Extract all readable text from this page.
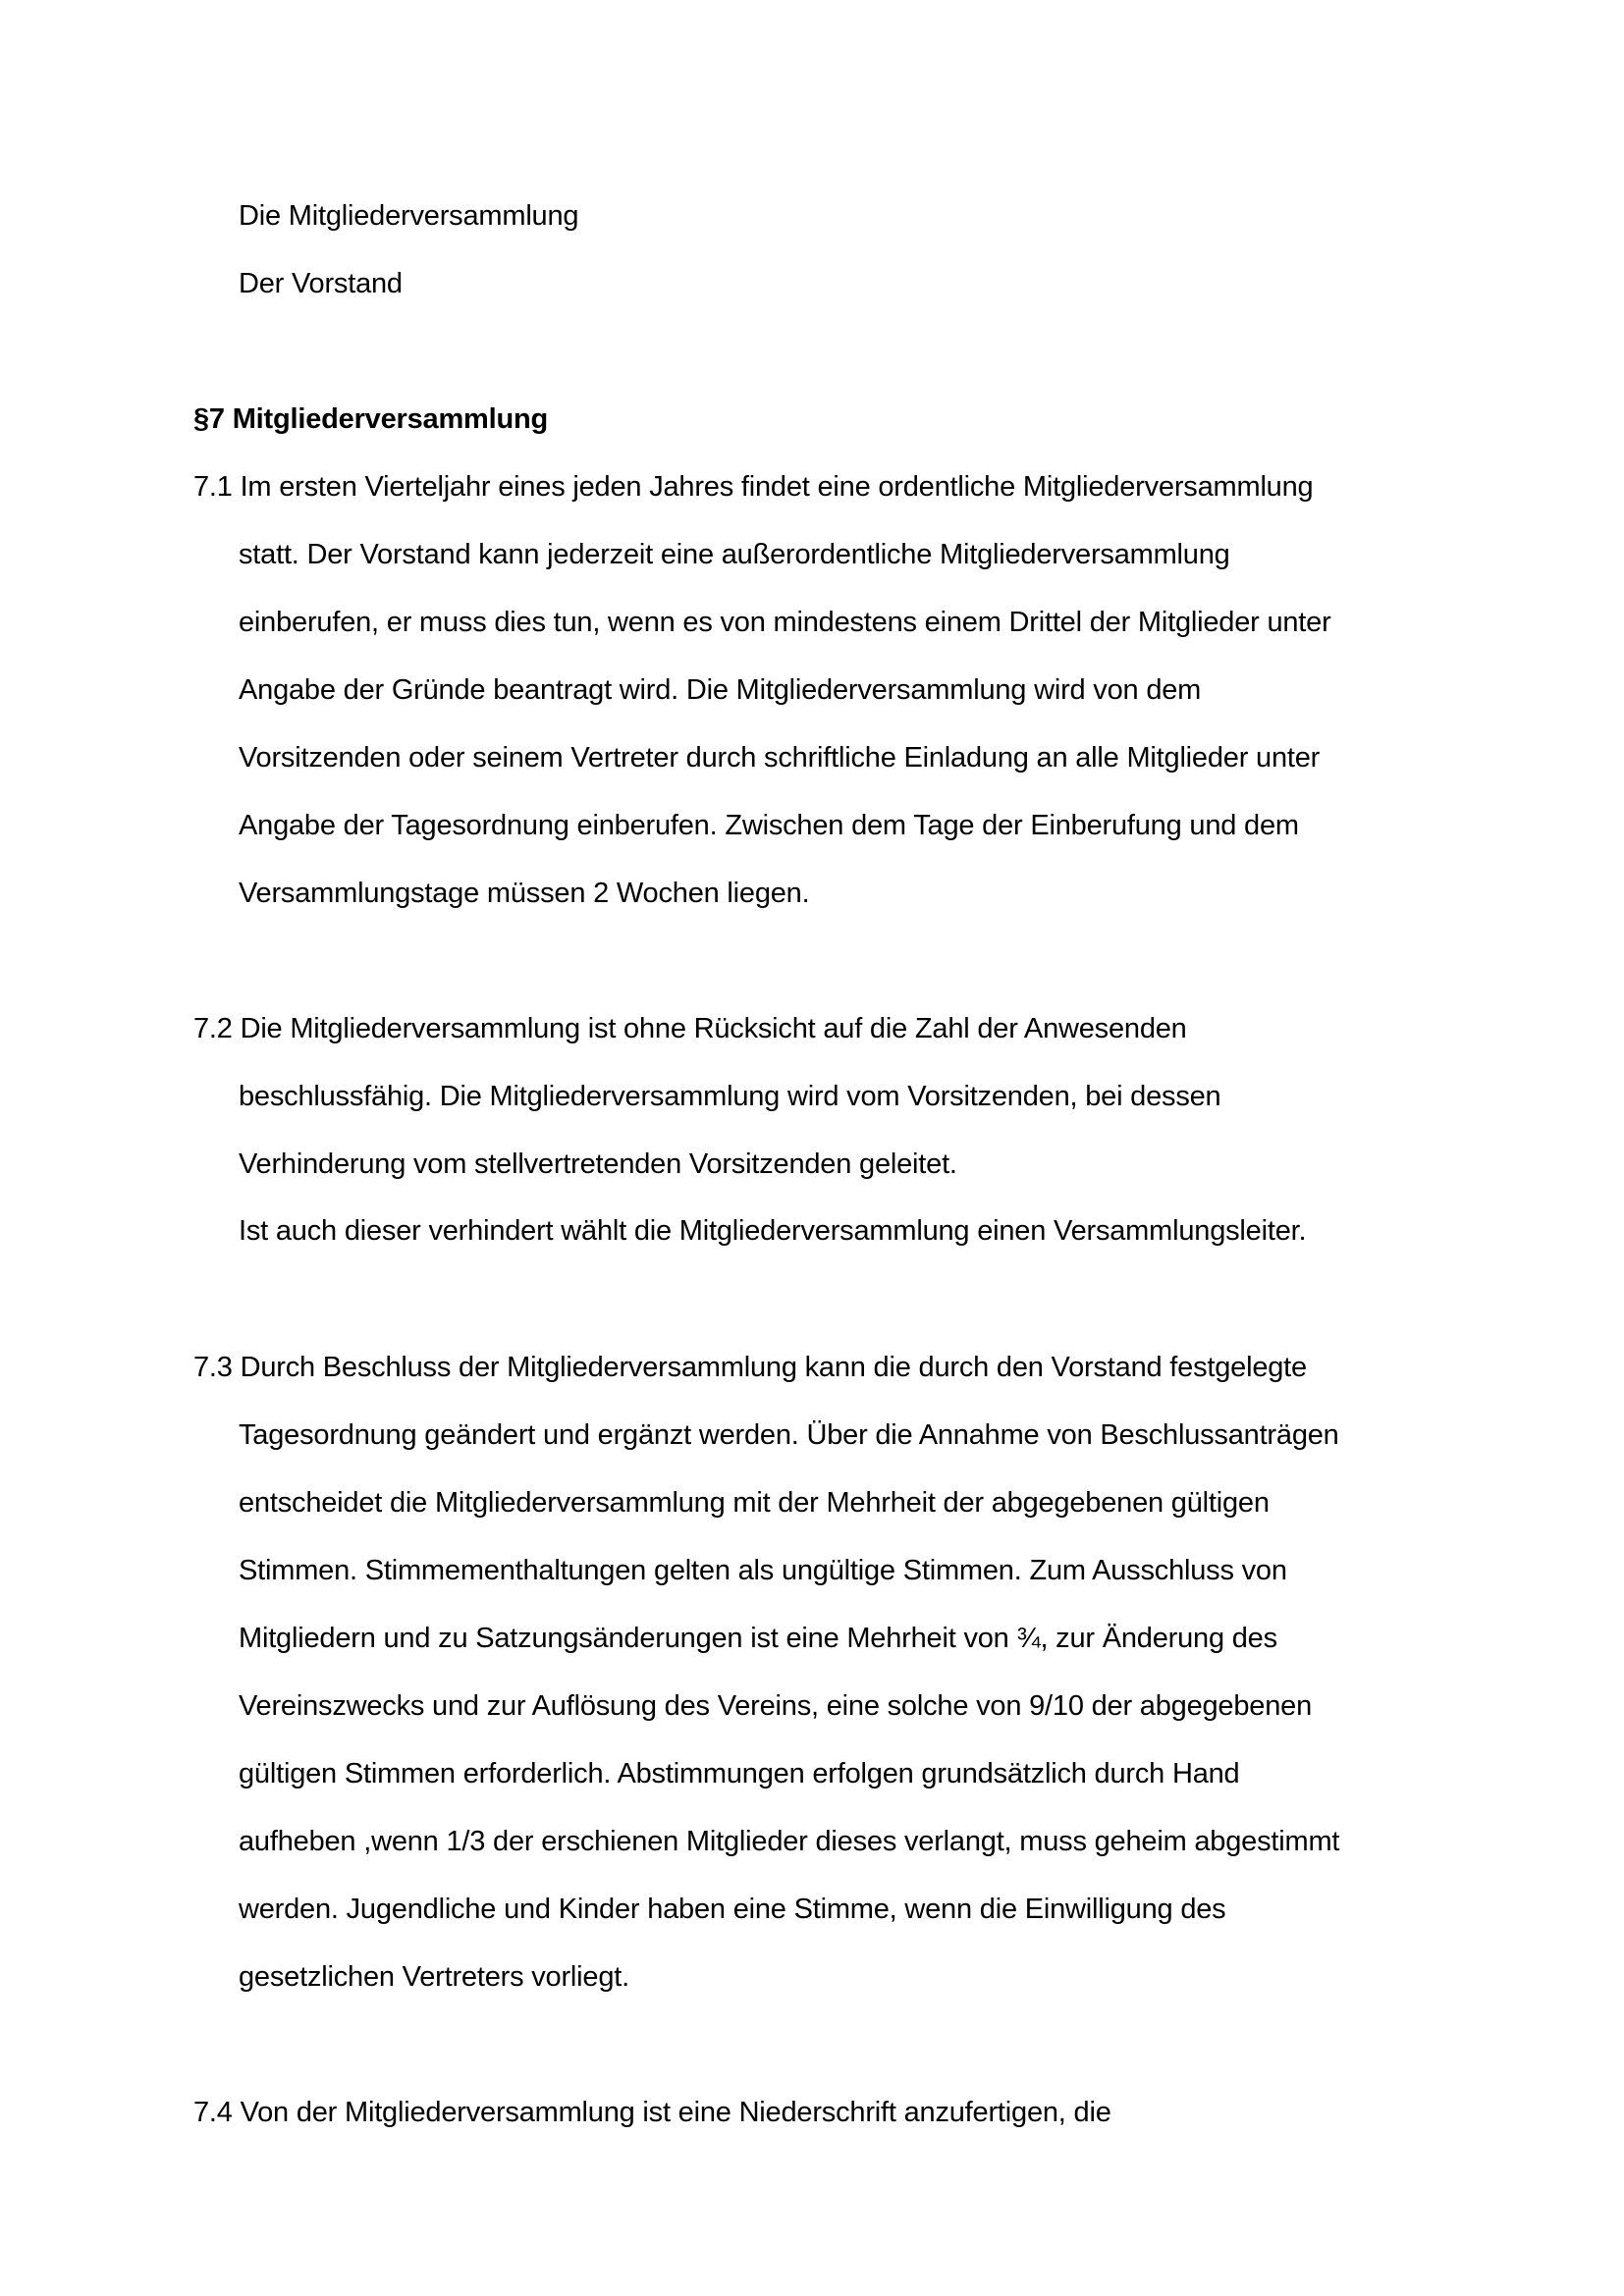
Die Mitgliederversammlung
Der Vorstand
§7 Mitgliederversammlung
7.1 Im ersten Vierteljahr eines jeden Jahres findet eine ordentliche Mitgliederversammlung
statt. Der Vorstand kann jederzeit eine außerordentliche Mitgliederversammlung
einberufen, er muss dies tun, wenn es von mindestens einem Drittel der Mitglieder unter
Angabe der Gründe beantragt wird. Die Mitgliederversammlung wird von dem
Vorsitzenden oder seinem Vertreter durch schriftliche Einladung an alle Mitglieder unter
Angabe der Tagesordnung einberufen. Zwischen dem Tage der Einberufung und dem
Versammlungstage müssen 2 Wochen liegen.
7.2 Die Mitgliederversammlung ist ohne Rücksicht auf die Zahl der Anwesenden
beschlussfähig. Die Mitgliederversammlung wird vom Vorsitzenden, bei dessen
Verhinderung vom stellvertretenden Vorsitzenden geleitet.
Ist auch dieser verhindert wählt die Mitgliederversammlung einen Versammlungsleiter.
7.3 Durch Beschluss der Mitgliederversammlung kann die durch den Vorstand festgelegte
Tagesordnung geändert und ergänzt werden. Über die Annahme von Beschlussanträgen
entscheidet die Mitgliederversammlung mit der Mehrheit der abgegebenen gültigen
Stimmen. Stimmementhaltungen gelten als ungültige Stimmen. Zum Ausschluss von
Mitgliedern und zu Satzungsänderungen ist eine Mehrheit von ¾, zur Änderung des
Vereinszwecks und zur Auflösung des Vereins, eine solche von 9/10 der abgegebenen
gültigen Stimmen erforderlich. Abstimmungen erfolgen grundsätzlich durch Hand
aufheben ,wenn 1/3 der erschienen Mitglieder dieses verlangt, muss geheim abgestimmt
werden. Jugendliche und Kinder haben eine Stimme, wenn die Einwilligung des
gesetzlichen Vertreters vorliegt.
7.4 Von der Mitgliederversammlung ist eine Niederschrift anzufertigen, die
